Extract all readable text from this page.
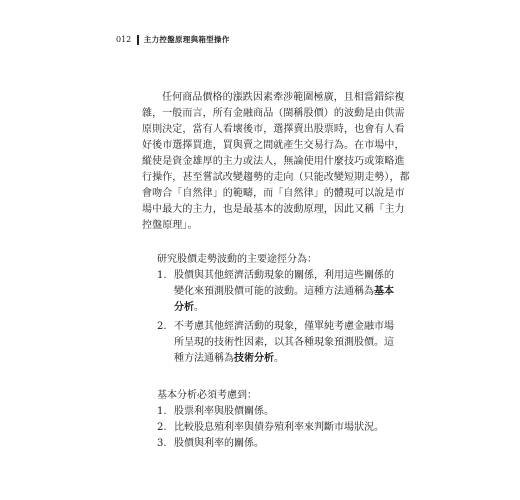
012 主力控盤原理與箱型操作

任何商品價格的漲跌因素牽涉範圍極廣，且相當錯綜複
雜，一般而言，所有金融商品（閩稱股價）的波動是由供需
原則決定，當有人看壞後市，選擇賣出股票時，也會有人看
好後市選擇買進，買與賣之間就產生交易行為。在市場中，
縱使是資金雄厚的主力或法人，無論使用什麼技巧或策略進
行操作，甚至嘗試改變趨勢的走向（只能改變短期走勢），都
會吻合「自然律」的範疇，而「自然律」的體現可以說是市
場中最大的主力，也是最基本的波動原理，因此又稱「主力
控盤原理」。

研究股價走勢波動的主要途徑分為：
1. 股價與其他經濟活動現象的關係，利用這些關係的
變化來預測股價可能的波動。這種方法通稱為基本
分析。
2. 不考慮其他經濟活動的現象，僅單純考慮金融市場
所呈現的技術性因素，以其各種現象預測股價。這
種方法通稱為技術分析。
基本分析必須考慮到：
1. 股票利率與股價關係。
2. 比較股息殖利率與債券殖利率來判斷市場狀況。
3. 股價與利率的關係。
